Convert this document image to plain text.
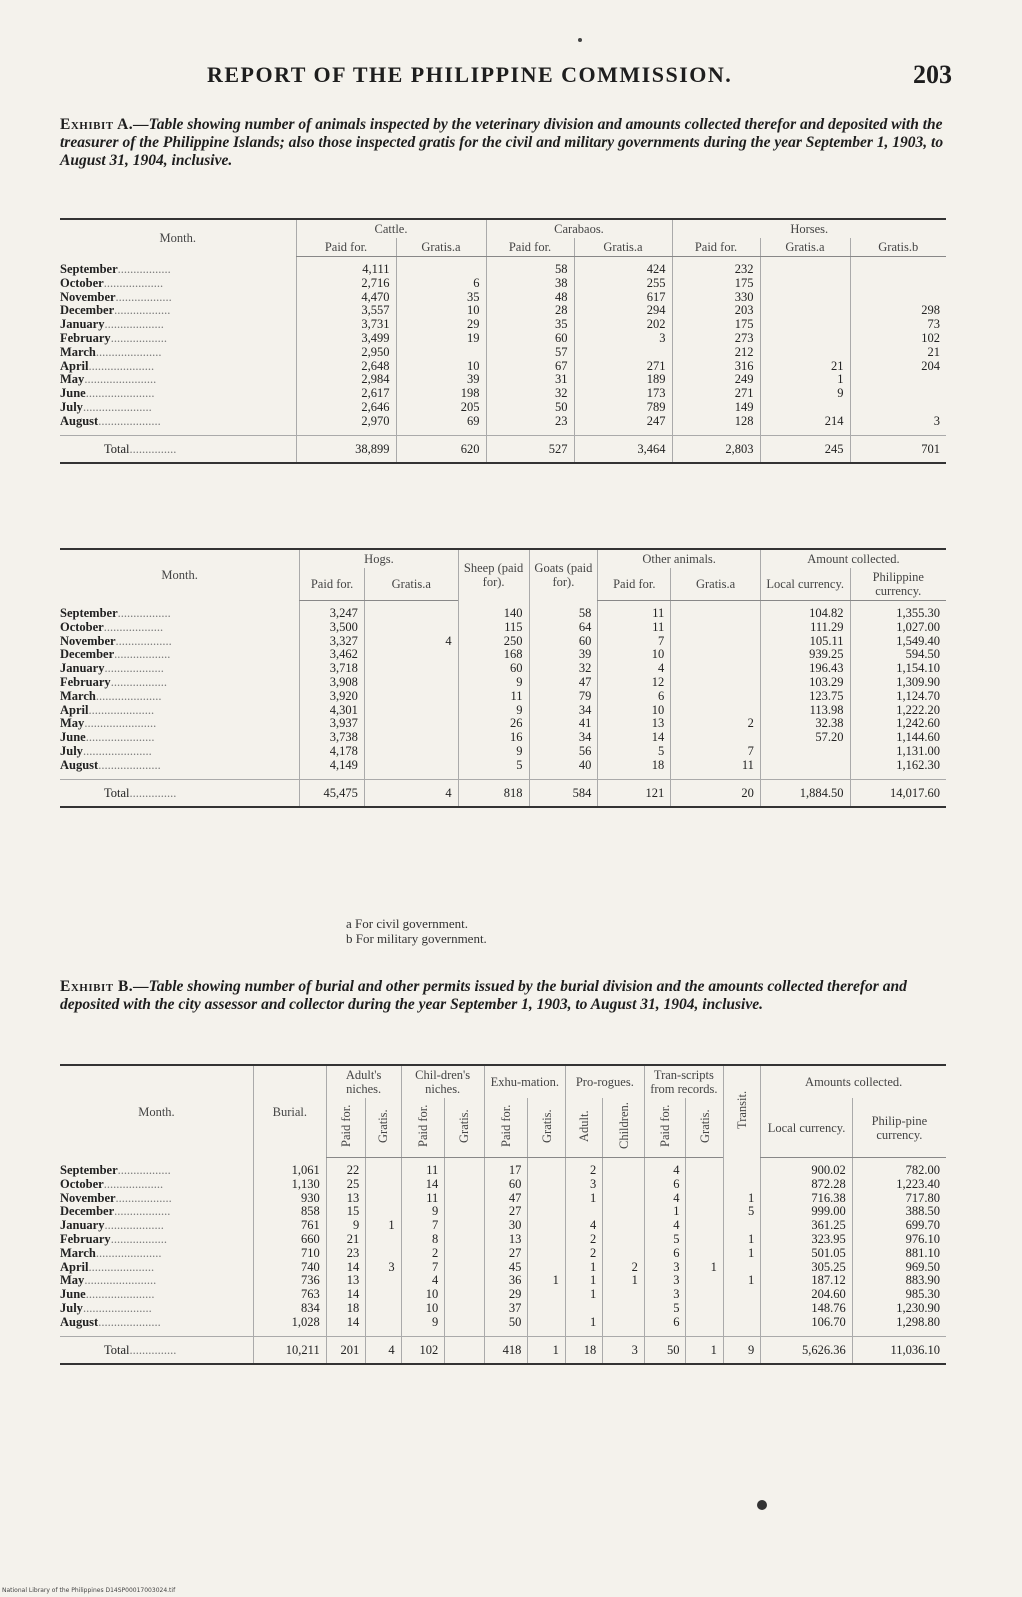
REPORT OF THE PHILIPPINE COMMISSION.	203
Exhibit A.—Table showing number of animals inspected by the veterinary division and amounts collected therefor and deposited with the treasurer of the Philippine Islands; also those inspected gratis for the civil and military governments during the year September 1, 1903, to August 31, 1904, inclusive.
Month.	Cattle.		Carabaos.		Horses.		
	Paid for.	Gratis.a	Paid for.	Gratis.a	Paid for.	Gratis.a	Gratis.b

September.................	4,111		58	424	232		
October...................	2,716	6	38	255	175		
November..................	4,470	35	48	617	330		
December..................	3,557	10	28	294	203		298
January...................	3,731	29	35	202	175		73
February..................	3,499	19	60	3	273		102
March.....................	2,950		57		212		21
April.....................	2,648	10	67	271	316	21	204
May.......................	2,984	39	31	189	249	1	
June......................	2,617	198	32	173	271	9	
July......................	2,646	205	50	789	149		
August....................	2,970	69	23	247	128	214	3

Total...............	38,899	620	527	3,464	2,803	245	701
Month.	Hogs.		Sheep (paid for).	Goats (paid for).	Other animals.		Amount collected.	
	Paid for.	Gratis.a			Paid for.	Gratis.a	Local currency.	Philippine currency.

September.................	3,247		140	58	11		104.82	1,355.30
October...................	3,500		115	64	11		111.29	1,027.00
November..................	3,327	4	250	60	7		105.11	1,549.40
December..................	3,462		168	39	10		939.25	594.50
January...................	3,718		60	32	4		196.43	1,154.10
February..................	3,908		9	47	12		103.29	1,309.90
March.....................	3,920		11	79	6		123.75	1,124.70
April.....................	4,301		9	34	10		113.98	1,222.20
May.......................	3,937		26	41	13	2	32.38	1,242.60
June......................	3,738		16	34	14		57.20	1,144.60
July......................	4,178		9	56	5	7		1,131.00
August....................	4,149		5	40	18	11		1,162.30

Total...............	45,475	4	818	584	121	20	1,884.50	14,017.60
a For civil government.
b For military government.
Exhibit B.—Table showing number of burial and other permits issued by the burial division and the amounts collected therefor and deposited with the city assessor and collector during the year September 1, 1903, to August 31, 1904, inclusive.
Month.	Burial.	Adult's niches.		Chil-dren's niches.		Exhu-mation.		Pro-rogues.		Tran-scripts from records.		Transit.	Amounts collected.	
		Paid for.	Gratis.	Paid for.	Gratis.	Paid for.	Gratis.	Adult.	Children.	Paid for.	Gratis.		Local currency.	Philip-pine currency.

September.................	1,061	22		11		17		2		4			900.02	782.00
October...................	1,130	25		14		60		3		6			872.28	1,223.40
November..................	930	13		11		47		1		4		1	716.38	717.80
December..................	858	15		9		27				1		5	999.00	388.50
January...................	761	9	1	7		30		4		4			361.25	699.70
February..................	660	21		8		13		2		5		1	323.95	976.10
March.....................	710	23		2		27		2		6		1	501.05	881.10
April.....................	740	14	3	7		45		1	2	3	1		305.25	969.50
May.......................	736	13		4		36	1	1	1	3		1	187.12	883.90
June......................	763	14		10		29		1		3			204.60	985.30
July......................	834	18		10		37				5			148.76	1,230.90
August....................	1,028	14		9		50		1		6			106.70	1,298.80

Total...............	10,211	201	4	102		418	1	18	3	50	1	9	5,626.36	11,036.10
National Library of the Philippines D14SP00017003024.tif
